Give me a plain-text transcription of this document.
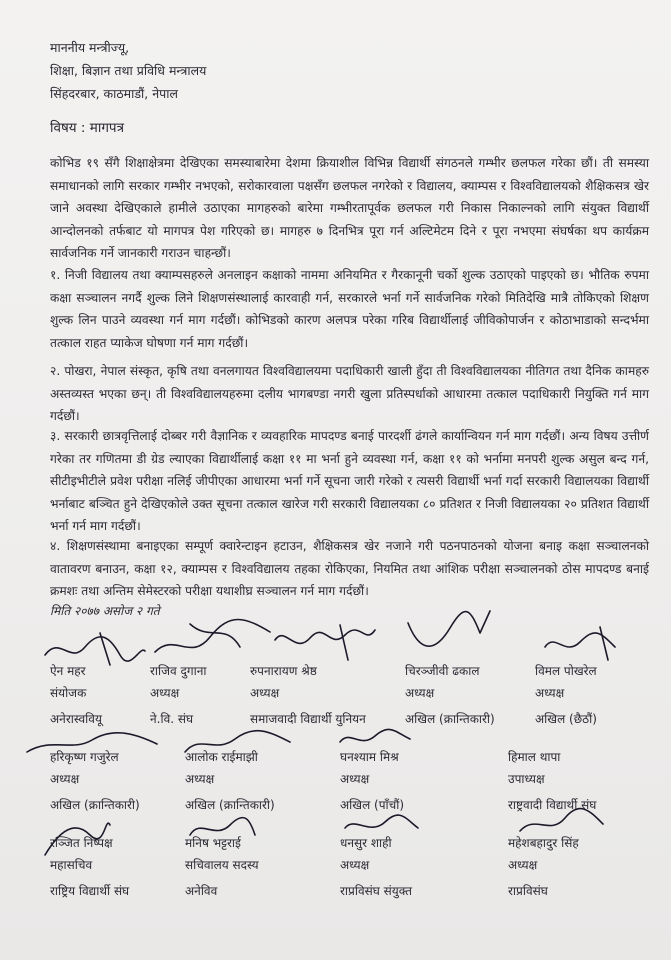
माननीय मन्त्रीज्यू,
शिक्षा, बिज्ञान तथा प्रविधि मन्त्रालय
सिंहदरबार, काठमाडौं, नेपाल
विषय : मागपत्र
कोभिड १९ सँगै शिक्षाक्षेत्रमा देखिएका समस्याबारेमा देशमा क्रियाशील विभिन्न विद्यार्थी संगठनले गम्भीर छलफल गरेका छौं। ती समस्या समाधानको लागि सरकार गम्भीर नभएको, सरोकारवाला पक्षसँग छलफल नगरेको र विद्यालय, क्याम्पस र विश्वविद्यालयको शैक्षिकसत्र खेर जाने अवस्था देखिएकाले हामीले उठाएका मागहरुको बारेमा गम्भीरतापूर्वक छलफल गरी निकास निकाल्नको लागि संयुक्त विद्यार्थी आन्दोलनको तर्फबाट यो मागपत्र पेश गरिएको छ। मागहरु ७ दिनभित्र पूरा गर्न अल्टिमेटम दिने र पूरा नभएमा संघर्षका थप कार्यक्रम सार्वजनिक गर्ने जानकारी गराउन चाहन्छौं।
१. निजी विद्यालय तथा क्याम्पसहरुले अनलाइन कक्षाको नाममा अनियमित र गैरकानूनी चर्को शुल्क उठाएको पाइएको छ। भौतिक रुपमा कक्षा सञ्चालन नगर्दै शुल्क लिने शिक्षणसंस्थालाई कारवाही गर्न, सरकारले भर्ना गर्ने सार्वजनिक गरेको मितिदेखि मात्रै तोकिएको शिक्षण शुल्क लिन पाउने व्यवस्था गर्न माग गर्दछौं। कोभिडको कारण अलपत्र परेका गरिब विद्यार्थीलाई जीविकोपार्जन र कोठाभाडाको सन्दर्भमा तत्काल राहत प्याकेज घोषणा गर्न माग गर्दछौं।
२. पोखरा, नेपाल संस्कृत, कृषि तथा वनलगायत विश्वविद्यालयमा पदाधिकारी खाली हुँदा ती विश्वविद्यालयका नीतिगत तथा दैनिक कामहरु अस्तव्यस्त भएका छन्। ती विश्वविद्यालयहरुमा दलीय भागबण्डा नगरी खुला प्रतिस्पर्धाको आधारमा तत्काल पदाधिकारी नियुक्ति गर्न माग गर्दछौं।
३. सरकारी छात्रवृत्तिलाई दोब्बर गरी वैज्ञानिक र व्यवहारिक मापदण्ड बनाई पारदर्शी ढंगले कार्यान्वियन गर्न माग गर्दछौं। अन्य विषय उत्तीर्ण गरेका तर गणितमा डी ग्रेड ल्याएका विद्यार्थीलाई कक्षा ११ मा भर्ना हुने व्यवस्था गर्न, कक्षा ११ को भर्नामा मनपरी शुल्क असुल बन्द गर्न, सीटीइभीटीले प्रवेश परीक्षा नलिई जीपीएका आधारमा भर्ना गर्ने सूचना जारी गरेको र त्यसरी विद्यार्थी भर्ना गर्दा सरकारी विद्यालयका विद्यार्थी भर्नाबाट बञ्चित हुने देखिएकोले उक्त सूचना तत्काल खारेज गरी सरकारी विद्यालयका ८० प्रतिशत र निजी विद्यालयका २० प्रतिशत विद्यार्थी भर्ना गर्न माग गर्दछौं।
४. शिक्षणसंस्थामा बनाइएका सम्पूर्ण क्वारेन्टाइन हटाउन, शैक्षिकसत्र खेर नजाने गरी पठनपाठनको योजना बनाइ कक्षा सञ्चालनको वातावरण बनाउन, कक्षा १२, क्याम्पस र विश्वविद्यालय तहका रोकिएका, नियमित तथा आंशिक परीक्षा सञ्चालनको ठोस मापदण्ड बनाई क्रमशः तथा अन्तिम सेमेस्टरको परीक्षा यथाशीघ्र सञ्चालन गर्न माग गर्दछौं।
मिति २०७७ असोज २ गते
ऐन महर
संयोजक
अनेरास्ववियू
राजिव दुगाना
अध्यक्ष
ने.वि. संघ
रुपनारायण श्रेष्ठ
अध्यक्ष
समाजवादी विद्यार्थी युनियन
चिरञ्जीवी ढकाल
अध्यक्ष
अखिल (क्रान्तिकारी)
विमल पोखरेल
अध्यक्ष
अखिल (छैठौं)
हरिकृष्ण गजुरेल
अध्यक्ष
अखिल (क्रान्तिकारी)
आलोक राईमाझी
अध्यक्ष
अखिल (क्रान्तिकारी)
घनश्याम मिश्र
अध्यक्ष
अखिल (पाँचौं)
हिमाल थापा
उपाध्यक्ष
राष्ट्रवादी विद्यार्थी संघ
रञ्जित निष्पक्ष
महासचिव
राष्ट्रिय विद्यार्थी संघ
मनिष भट्टराई
सचिवालय सदस्य
अनेविव
धनसुर शाही
अध्यक्ष
राप्रविसंघ संयुक्त
महेशबहादुर सिंह
अध्यक्ष
राप्रविसंघ
